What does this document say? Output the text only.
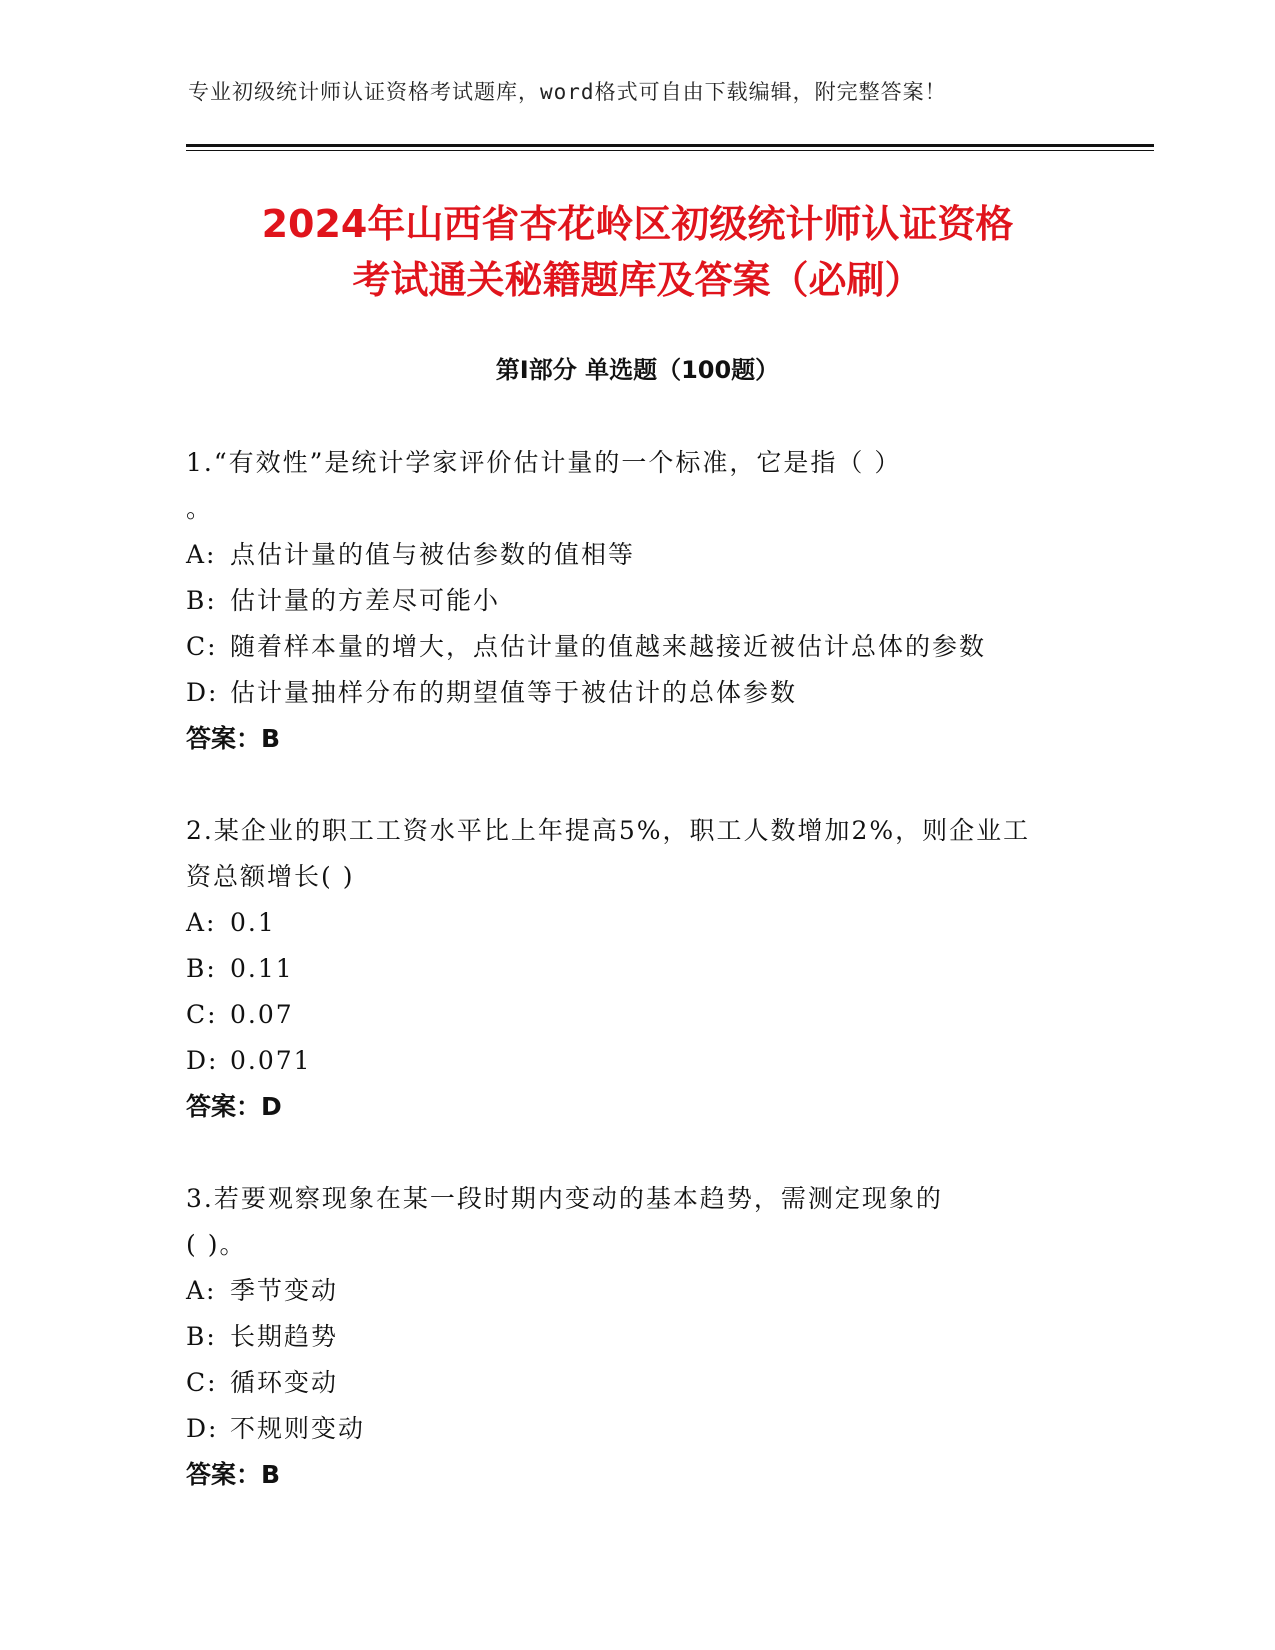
专业初级统计师认证资格考试题库，word格式可自由下载编辑，附完整答案！
2024年山西省杏花岭区初级统计师认证资格
考试通关秘籍题库及答案（必刷）
第Ⅰ部分 单选题（100题）
1.“有效性”是统计学家评价估计量的一个标准，它是指（ ）
。
A: 点估计量的值与被估参数的值相等
B: 估计量的方差尽可能小
C: 随着样本量的增大，点估计量的值越来越接近被估计总体的参数
D: 估计量抽样分布的期望值等于被估计的总体参数
答案：B
2.某企业的职工工资水平比上年提高5%，职工人数增加2%，则企业工
资总额增长( )
A: 0.1
B: 0.11
C: 0.07
D: 0.071
答案：D
3.若要观察现象在某一段时期内变动的基本趋势，需测定现象的
( )。
A: 季节变动
B: 长期趋势
C: 循环变动
D: 不规则变动
答案：B
